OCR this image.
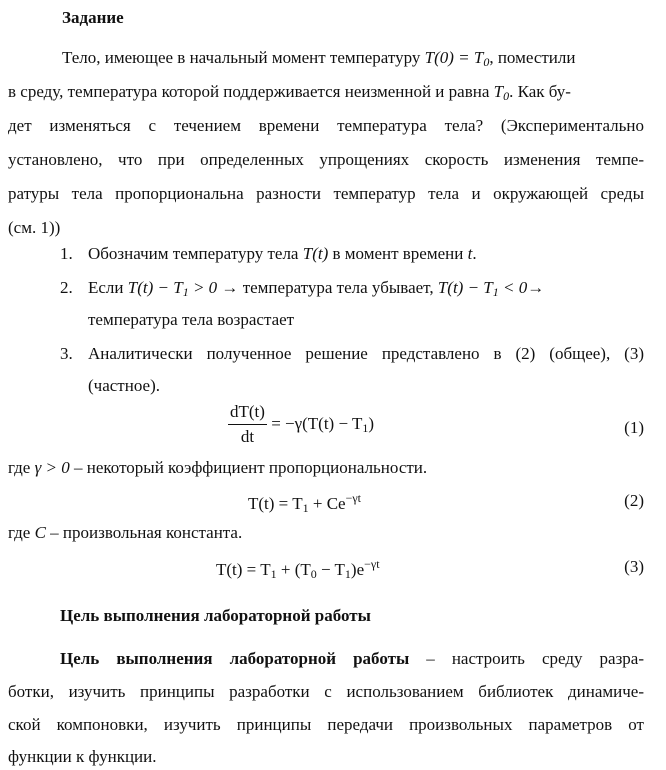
Задание
Тело, имеющее в начальный момент температуру $T(0) = T_0$, поместили
в среду, температура которой поддерживается неизменной и равна $T_0$. Как бу-
дет изменяться с течением времени температура тела? (Экспериментально
установлено, что при определенных упрощениях скорость изменения темпе-
ратуры тела пропорциональна разности температур тела и окружающей среды
(см. 1))
1. Обозначим температуру тела T(t) в момент времени t.
2. Если $T(t) - T_1 > 0$ → температура тела убывает, $T(t) - T_1 < 0\to$
температура тела возрастает
3. Аналитически полученное решение представлено в (2) (общее), (3)
(частное).
$\frac{dT(t)}{dt} = -\gamma(T(t) - T_1)$	(1)
где γ > 0 – некоторый коэффициент пропорциональности.
$T(t) = T_1 + Ce^{-\gamma t}$	(2)
где C – произвольная константа.
$T(t) = T_1 + (T_0 - T_1)e^{-\gamma t}$	(3)
Цель выполнения лабораторной работы
Цель выполнения лабораторной работы – настроить среду разра-
ботки, изучить принципы разработки с использованием библиотек динамиче-
ской компоновки, изучить принципы передачи произвольных параметров от
функции к функции.
